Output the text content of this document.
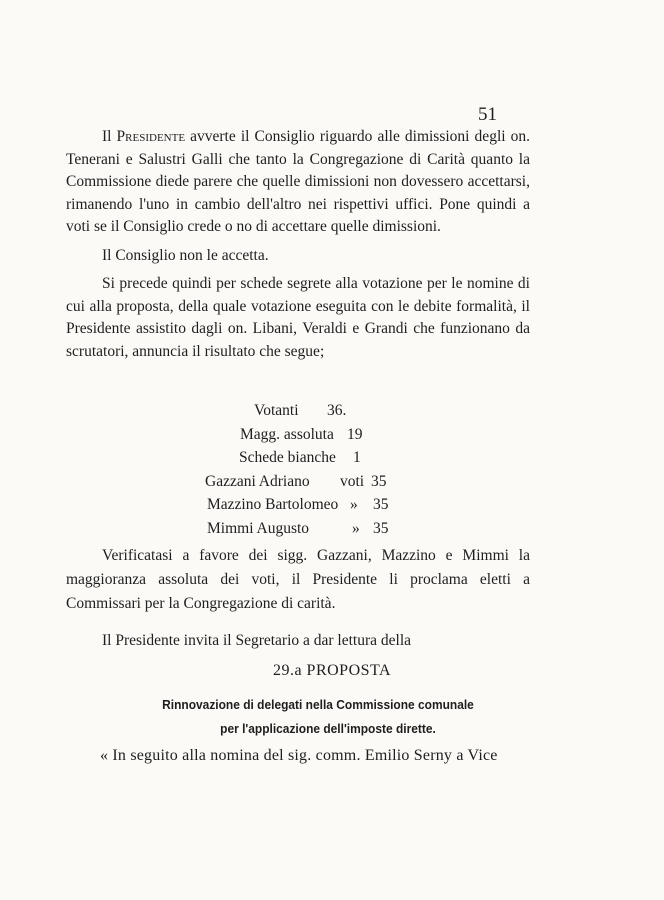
51

Il Presidente avverte il Consiglio riguardo alle dimissioni degli on. Tenerani e Salustri Galli che tanto la Congregazione di Carità quanto la Commissione diede parere che quelle dimissioni non dovessero accettarsi, rimanendo l'uno in cambio dell'altro nei rispettivi uffici. Pone quindi a voti se il Consiglio crede o no di accettare quelle dimissioni.

Il Consiglio non le accetta.

Si precede quindi per schede segrete alla votazione per le nomine di cui alla proposta, della quale votazione eseguita con le debite formalità, il Presidente assistito dagli on. Libani, Veraldi e Grandi che funzionano da scrutatori, annuncia il risultato che segue;

Votanti 36.
Magg. assoluta 19
Schede bianche 1
Gazzani Adriano voti 35
Mazzino Bartolomeo » 35
Mimmi Augusto	» 35

Verificatasi a favore dei sigg. Gazzani, Mazzino e Mimmi la maggioranza assoluta dei voti, il Presidente li proclama eletti a Commissari per la Congregazione di carità.

Il Presidente invita il Segretario a dar lettura della
29.a PROPOSTA
Rinnovazione di delegati nella Commissione comunale
per l'applicazione dell'imposte dirette.
« In seguito alla nomina del sig. comm. Emilio Serny a Vice
